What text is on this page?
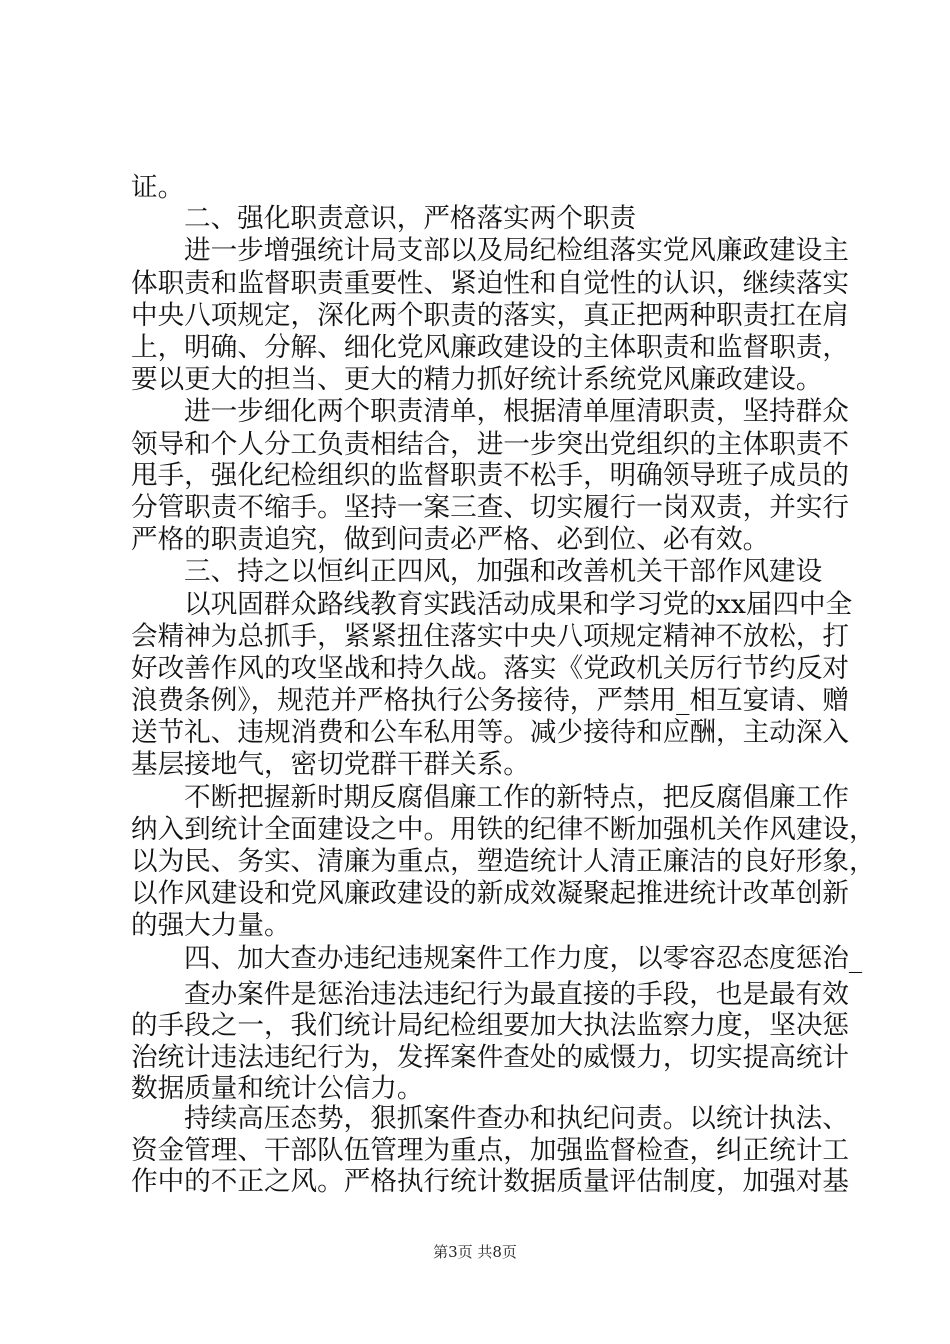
证。
二、强化职责意识，严格落实两个职责
进一步增强统计局支部以及局纪检组落实党风廉政建设主
体职责和监督职责重要性、紧迫性和自觉性的认识，继续落实
中央八项规定，深化两个职责的落实，真正把两种职责扛在肩
上，明确、分解、细化党风廉政建设的主体职责和监督职责，
要以更大的担当、更大的精力抓好统计系统党风廉政建设。
进一步细化两个职责清单，根据清单厘清职责，坚持群众
领导和个人分工负责相结合，进一步突出党组织的主体职责不
甩手，强化纪检组织的监督职责不松手，明确领导班子成员的
分管职责不缩手。坚持一案三查、切实履行一岗双责，并实行
严格的职责追究，做到问责必严格、必到位、必有效。
三、持之以恒纠正四风，加强和改善机关干部作风建设
以巩固群众路线教育实践活动成果和学习党的xx届四中全
会精神为总抓手，紧紧扭住落实中央八项规定精神不放松，打
好改善作风的攻坚战和持久战。落实《党政机关厉行节约反对
浪费条例》，规范并严格执行公务接待，严禁用_相互宴请、赠
送节礼、违规消费和公车私用等。减少接待和应酬，主动深入
基层接地气，密切党群干群关系。
不断把握新时期反腐倡廉工作的新特点，把反腐倡廉工作
纳入到统计全面建设之中。用铁的纪律不断加强机关作风建设，
以为民、务实、清廉为重点，塑造统计人清正廉洁的良好形象，
以作风建设和党风廉政建设的新成效凝聚起推进统计改革创新
的强大力量。
四、加大查办违纪违规案件工作力度，以零容忍态度惩治_
查办案件是惩治违法违纪行为最直接的手段，也是最有效
的手段之一，我们统计局纪检组要加大执法监察力度，坚决惩
治统计违法违纪行为，发挥案件查处的威慑力，切实提高统计
数据质量和统计公信力。
持续高压态势，狠抓案件查办和执纪问责。以统计执法、
资金管理、干部队伍管理为重点，加强监督检查，纠正统计工
作中的不正之风。严格执行统计数据质量评估制度，加强对基
第3页 共8页
